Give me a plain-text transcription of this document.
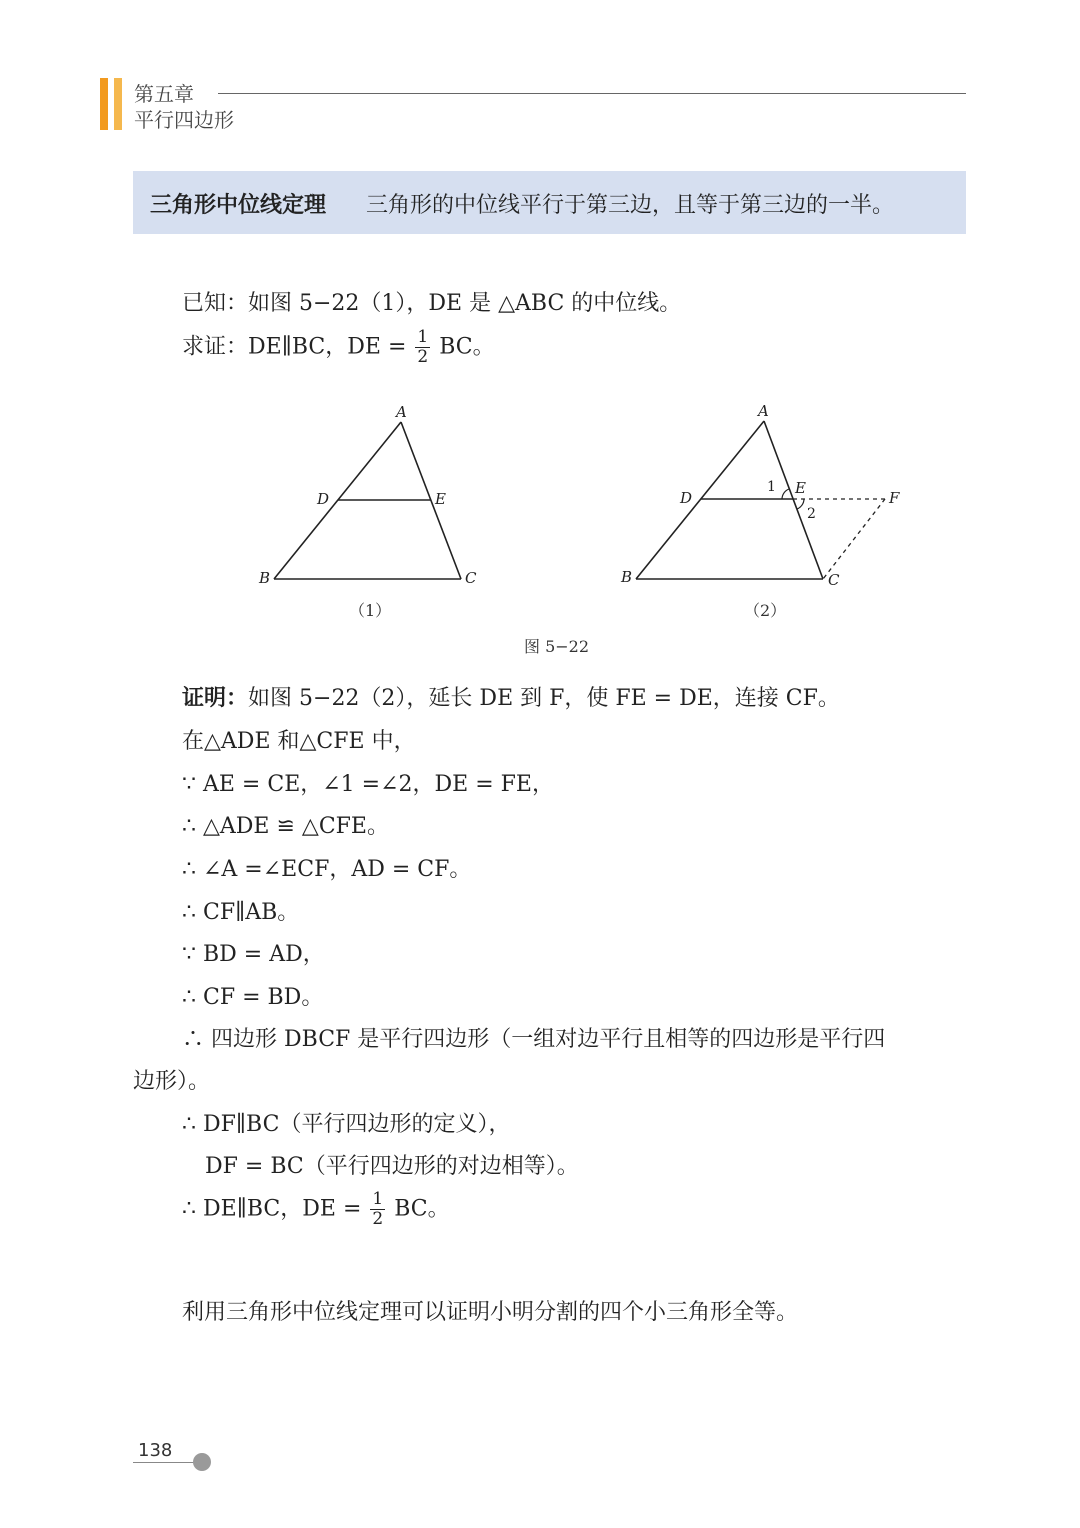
第五章
平行四边形
三角形中位线定理 三角形的中位线平行于第三边，且等于第三边的一半。
已知：如图 5−22（1），DE 是 △ABC 的中位线。
求证：DE∥BC，DE = $\frac{1}{2}$ BC。
A
D	E
B	C
A
D
E
F
B	C
1
2
（1）	（2）
图 5−22
证明：如图 5−22（2），延长 DE 到 F，使 FE = DE，连接 CF。
在△ADE 和△CFE 中，
∵ AE = CE，∠1 =∠2，DE = FE，
∴ △ADE ≌ △CFE。
∴ ∠A =∠ECF，AD = CF。
∴ CF∥AB。
∵ BD = AD，
∴ CF = BD。
∴ 四边形 DBCF 是平行四边形（一组对边平行且相等的四边形是平行四
边形）。
∴ DF∥BC（平行四边形的定义），
DF = BC（平行四边形的对边相等）。
∴ DE∥BC，DE = $\frac{1}{2}$ BC。
利用三角形中位线定理可以证明小明分割的四个小三角形全等。
138
